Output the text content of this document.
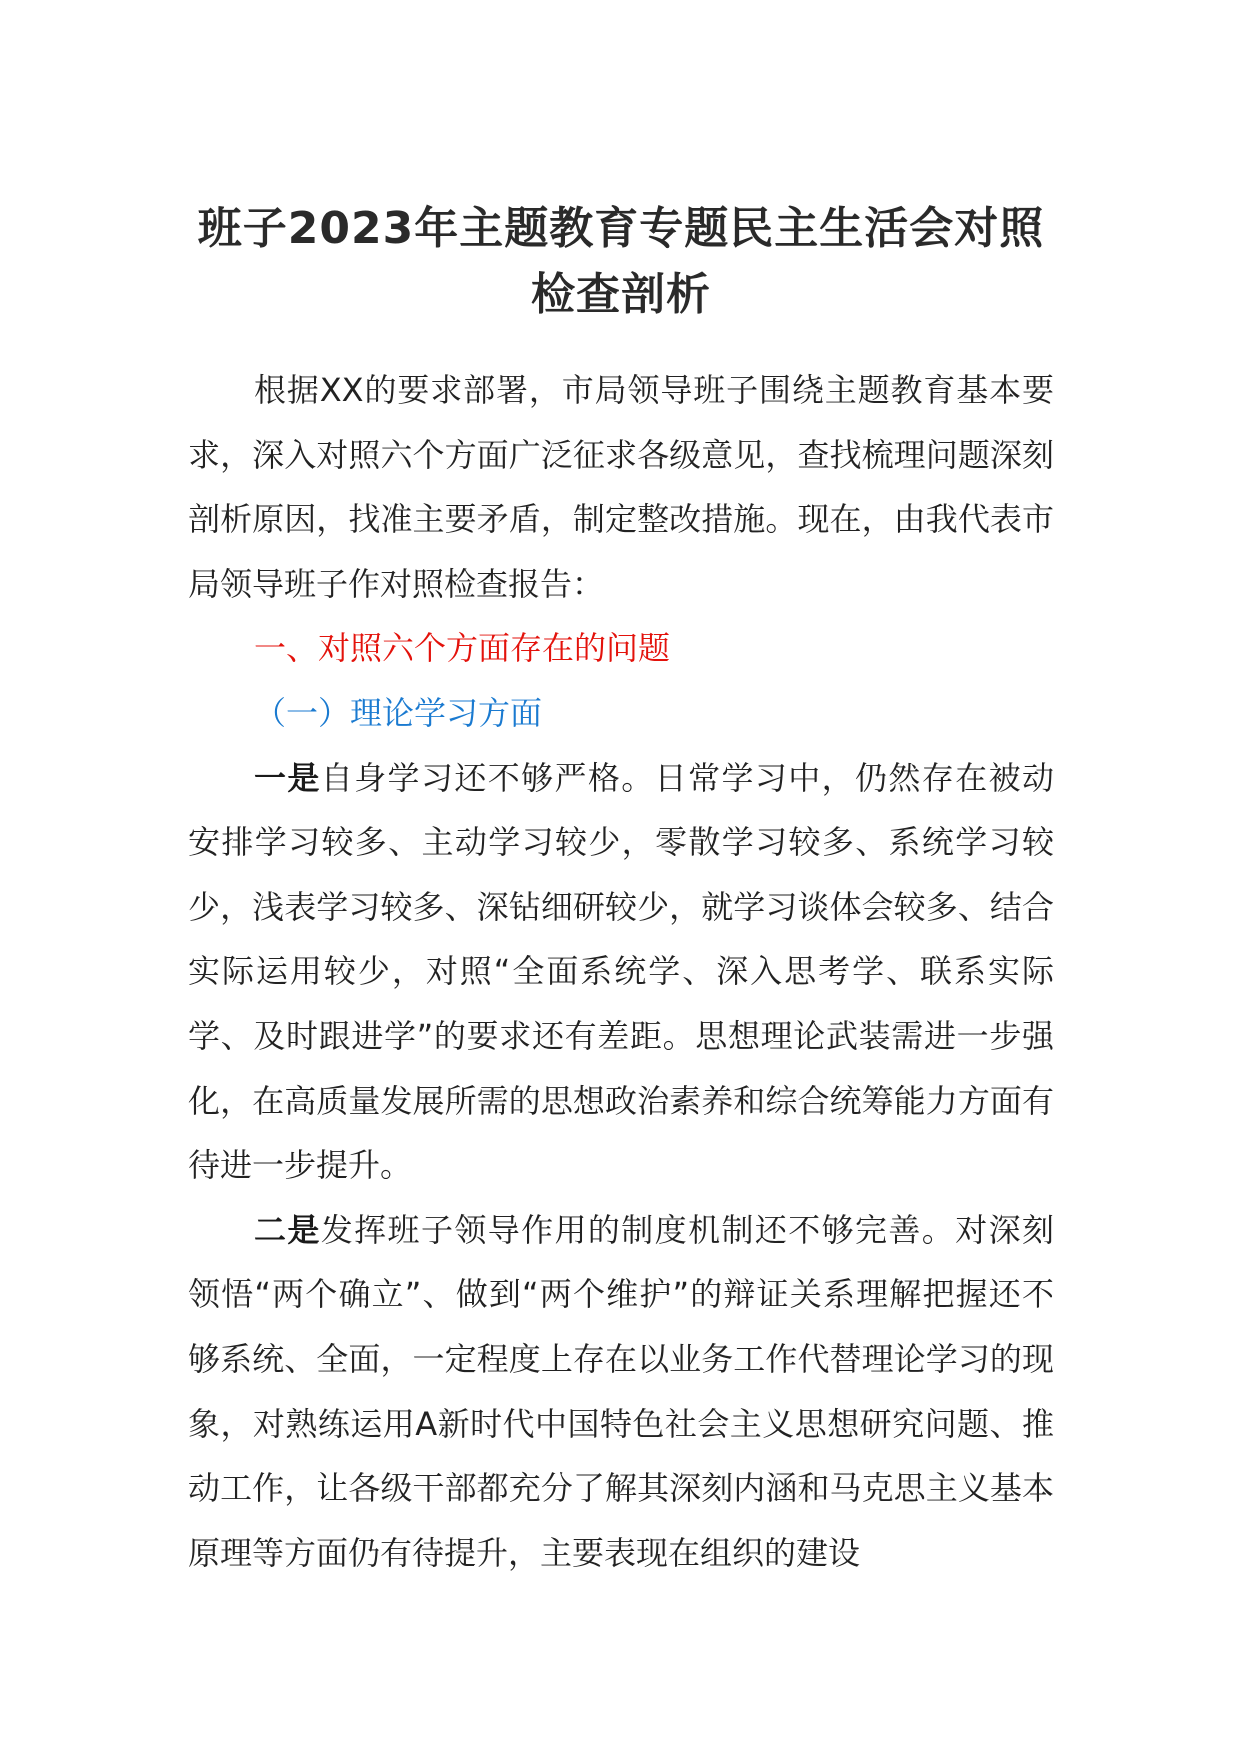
班子2023年主题教育专题民主生活会对照检查剖析

根据XX的要求部署，市局领导班子围绕主题教育基本要求，深入对照六个方面广泛征求各级意见，查找梳理问题深刻剖析原因，找准主要矛盾，制定整改措施。现在，由我代表市局领导班子作对照检查报告：

一、对照六个方面存在的问题

（一）理论学习方面

一是自身学习还不够严格。日常学习中，仍然存在被动安排学习较多、主动学习较少，零散学习较多、系统学习较少，浅表学习较多、深钻细研较少，就学习谈体会较多、结合实际运用较少，对照“全面系统学、深入思考学、联系实际学、及时跟进学”的要求还有差距。思想理论武装需进一步强化，在高质量发展所需的思想政治素养和综合统筹能力方面有待进一步提升。

二是发挥班子领导作用的制度机制还不够完善。对深刻领悟“两个确立”、做到“两个维护”的辩证关系理解把握还不够系统、全面，一定程度上存在以业务工作代替理论学习的现象，对熟练运用A新时代中国特色社会主义思想研究问题、推动工作，让各级干部都充分了解其深刻内涵和马克思主义基本原理等方面仍有待提升，主要表现在组织的建设
